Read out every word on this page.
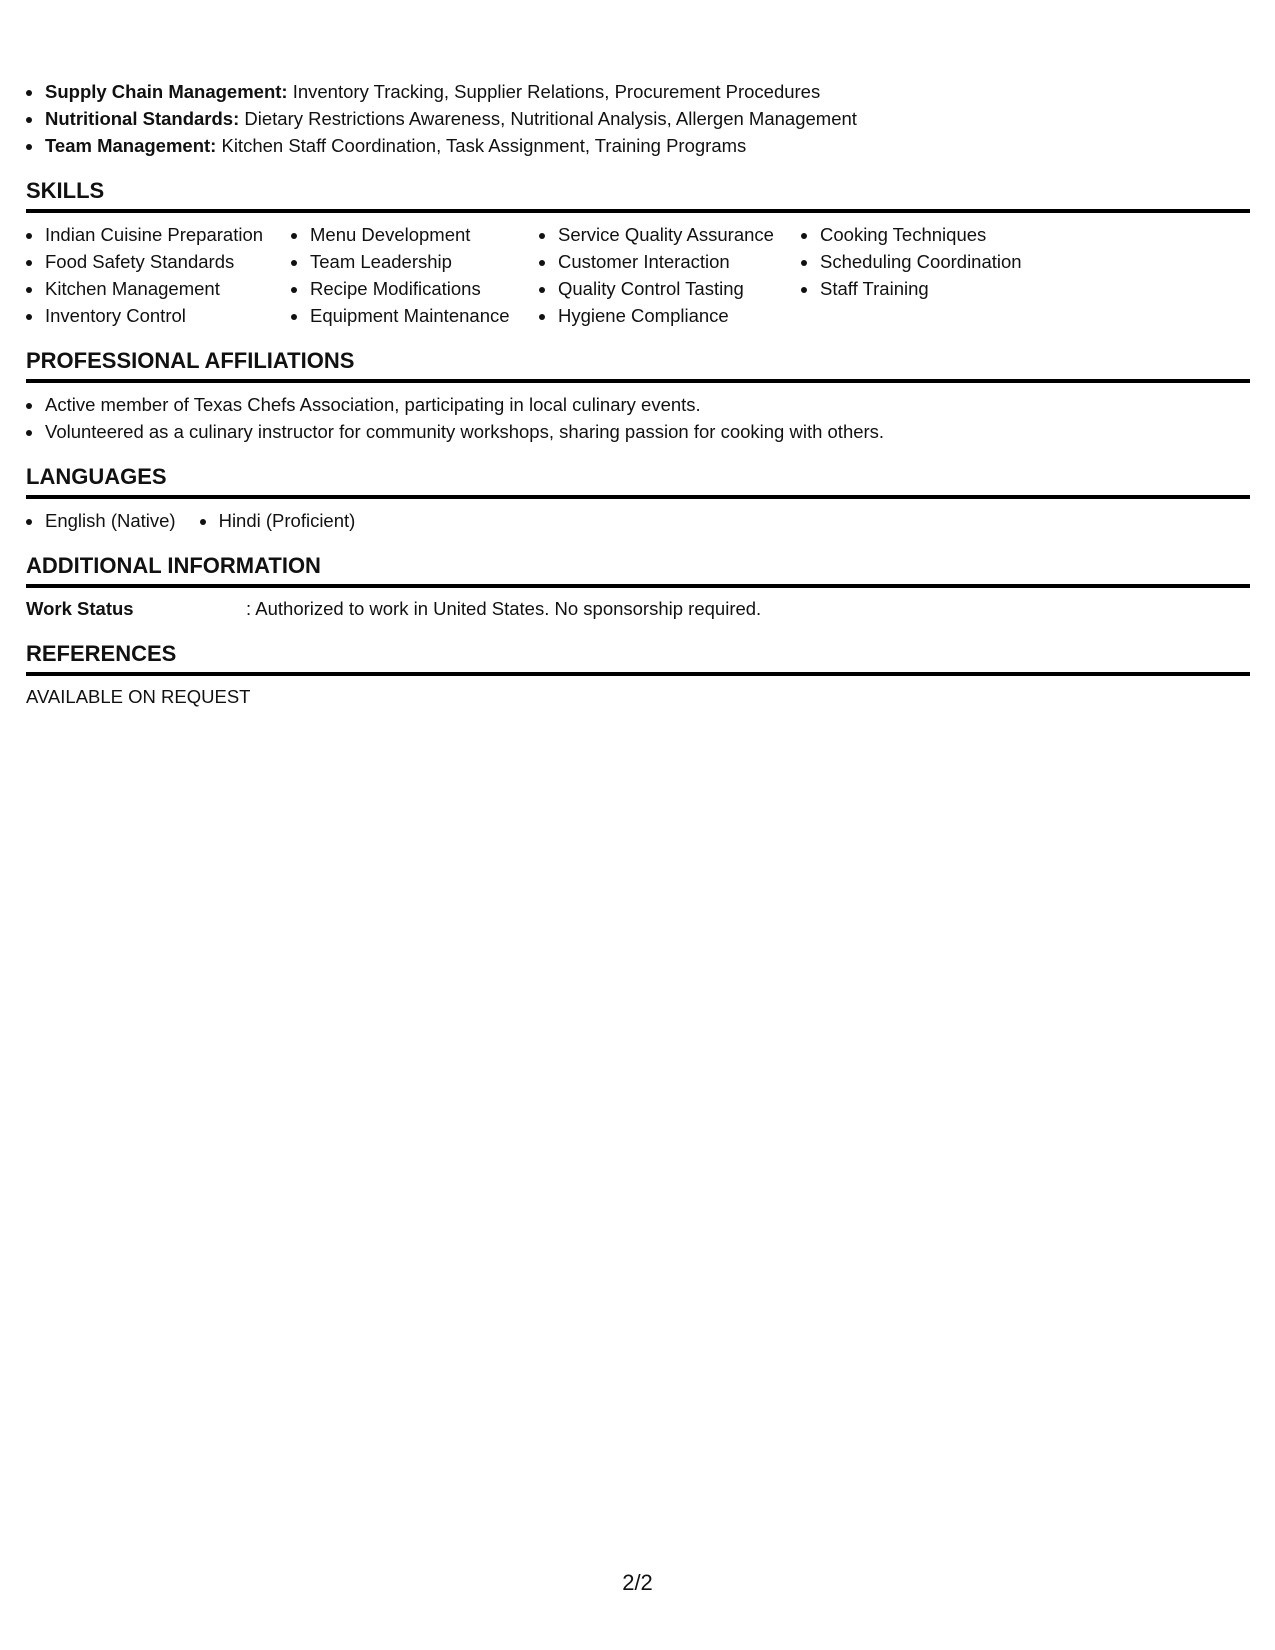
Supply Chain Management: Inventory Tracking, Supplier Relations, Procurement Procedures
Nutritional Standards: Dietary Restrictions Awareness, Nutritional Analysis, Allergen Management
Team Management: Kitchen Staff Coordination, Task Assignment, Training Programs
SKILLS
Indian Cuisine Preparation
Food Safety Standards
Kitchen Management
Inventory Control
Menu Development
Team Leadership
Recipe Modifications
Equipment Maintenance
Service Quality Assurance
Customer Interaction
Quality Control Tasting
Hygiene Compliance
Cooking Techniques
Scheduling Coordination
Staff Training
PROFESSIONAL AFFILIATIONS
Active member of Texas Chefs Association, participating in local culinary events.
Volunteered as a culinary instructor for community workshops, sharing passion for cooking with others.
LANGUAGES
English (Native)	Hindi (Proficient)
ADDITIONAL INFORMATION
Work Status	: Authorized to work in United States. No sponsorship required.
REFERENCES
AVAILABLE ON REQUEST
2/2
